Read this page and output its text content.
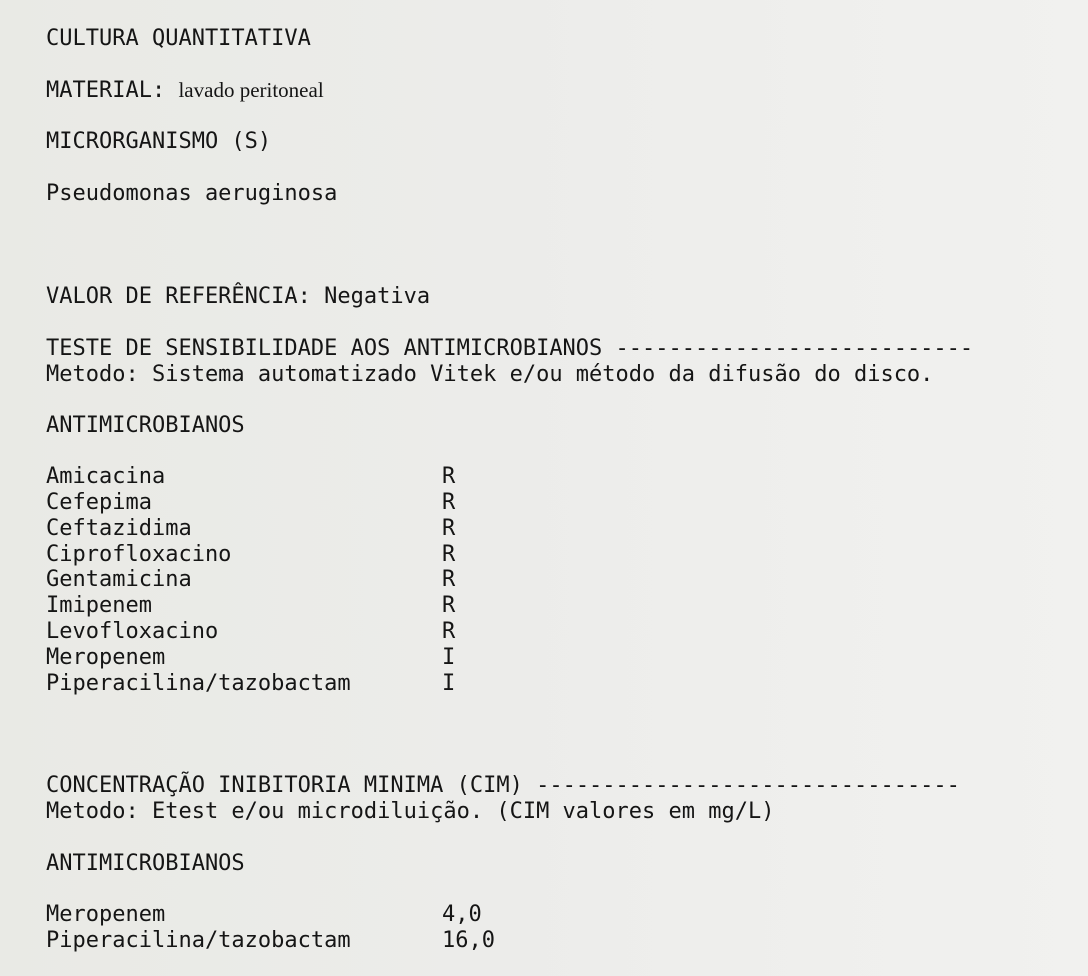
CULTURA QUANTITATIVA
MATERIAL: lavado peritoneal
MICRORGANISMO (S)
Pseudomonas aeruginosa
VALOR DE REFERÊNCIA: Negativa
TESTE DE SENSIBILIDADE AOS ANTIMICROBIANOS ---------------------------
Metodo: Sistema automatizado Vitek e/ou método da difusão do disco.
ANTIMICROBIANOS
Amicacina	R
Cefepima	R
Ceftazidima	R
Ciprofloxacino	R
Gentamicina	R
Imipenem	R
Levofloxacino	R
Meropenem	I
Piperacilina/tazobactam	I
CONCENTRAÇÃO INIBITORIA MINIMA (CIM) --------------------------------
Metodo: Etest e/ou microdiluição. (CIM valores em mg/L)
ANTIMICROBIANOS
Meropenem	4,0
Piperacilina/tazobactam	16,0
